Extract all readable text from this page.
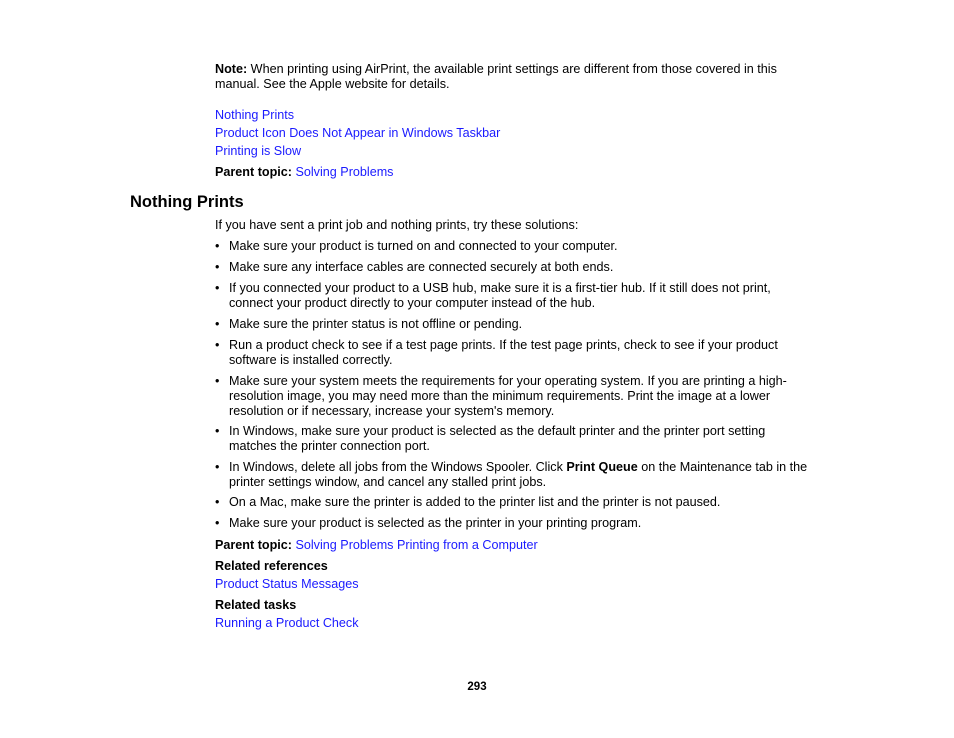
Note: When printing using AirPrint, the available print settings are different from those covered in this manual. See the Apple website for details.
Nothing Prints
Product Icon Does Not Appear in Windows Taskbar
Printing is Slow
Parent topic: Solving Problems
Nothing Prints
If you have sent a print job and nothing prints, try these solutions:
• Make sure your product is turned on and connected to your computer.
• Make sure any interface cables are connected securely at both ends.
• If you connected your product to a USB hub, make sure it is a first-tier hub. If it still does not print, connect your product directly to your computer instead of the hub.
• Make sure the printer status is not offline or pending.
• Run a product check to see if a test page prints. If the test page prints, check to see if your product software is installed correctly.
• Make sure your system meets the requirements for your operating system. If you are printing a high-resolution image, you may need more than the minimum requirements. Print the image at a lower resolution or if necessary, increase your system's memory.
• In Windows, make sure your product is selected as the default printer and the printer port setting matches the printer connection port.
• In Windows, delete all jobs from the Windows Spooler. Click Print Queue on the Maintenance tab in the printer settings window, and cancel any stalled print jobs.
• On a Mac, make sure the printer is added to the printer list and the printer is not paused.
• Make sure your product is selected as the printer in your printing program.
Parent topic: Solving Problems Printing from a Computer
Related references
Product Status Messages
Related tasks
Running a Product Check
293
